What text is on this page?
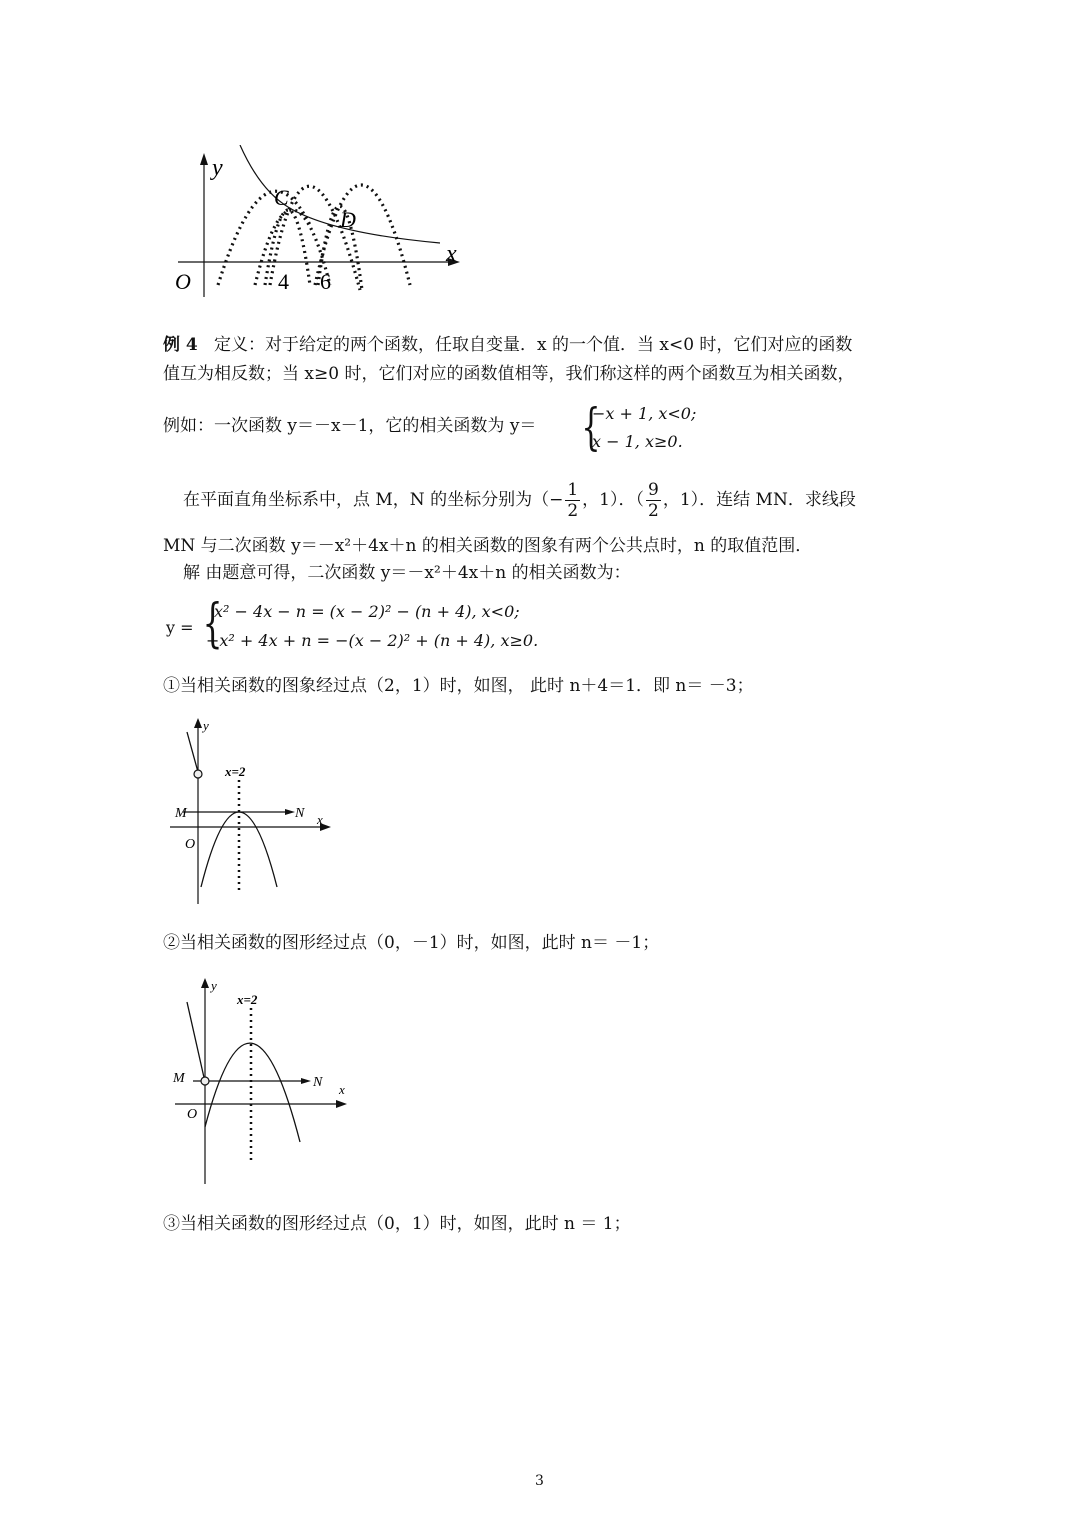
y
x
O
C
D
4 6
例 4 定义：对于给定的两个函数，任取自变量．x 的一个值．当 x<0 时，它们对应的函数
值互为相反数；当 x≥0 时，它们对应的函数值相等，我们称这样的两个函数互为相关函数，
例如：一次函数 y＝－x－1，它的相关函数为 y＝ {
−x + 1, x<0;
x − 1, x≥0.
在平面直角坐标系中，点 M，N 的坐标分别为（− $\frac{1}{2}$ ，1）．（ $\frac{9}{2}$ ，1）．连结 MN．求线段
MN 与二次函数 y＝－x²＋4x＋n 的相关函数的图象有两个公共点时，n 的取值范围．
解 由题意可得，二次函数 y＝－x²＋4x＋n 的相关函数为：
y = {
x² − 4x − n = (x − 2)² − (n + 4), x<0;
−x² + 4x + n = −(x − 2)² + (n + 4), x≥0.
①当相关函数的图象经过点（2，1）时，如图， 此时 n＋4＝1．即 n＝ －3；
y
x=2
M	N x
O
②当相关函数的图形经过点（0，－1）时，如图，此时 n＝ －1；
y
x=2
M	N x
O
③当相关函数的图形经过点（0，1）时，如图，此时 n ＝ 1；
3
